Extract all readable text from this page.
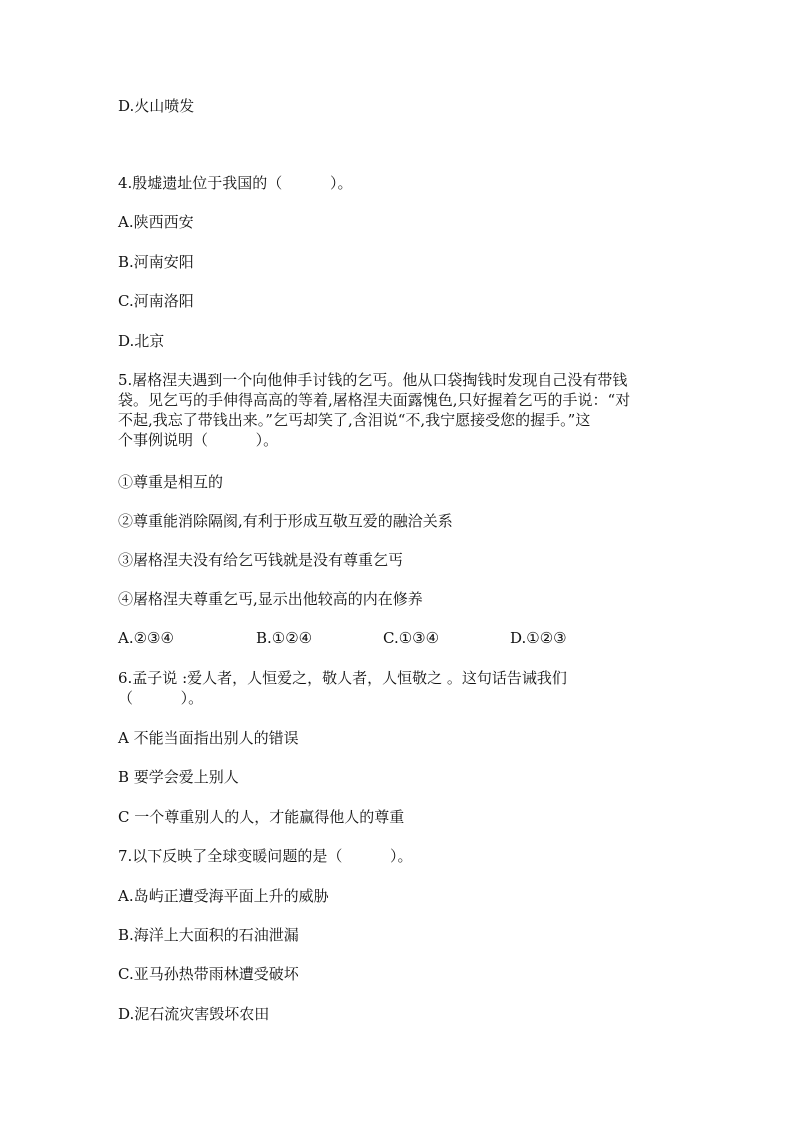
D.火山喷发

4.殷墟遗址位于我国的（          ）。

A.陕西西安

B.河南安阳

C.河南洛阳

D.北京

5.屠格涅夫遇到一个向他伸手讨钱的乞丐。他从口袋掏钱时发现自己没有带钱

袋。见乞丐的手伸得高高的等着,屠格涅夫面露愧色,只好握着乞丐的手说：“对

不起,我忘了带钱出来。”乞丐却笑了,含泪说“不,我宁愿接受您的握手。”这

个事例说明（          ）。

①尊重是相互的

②尊重能消除隔阂,有利于形成互敬互爱的融洽关系

③屠格涅夫没有给乞丐钱就是没有尊重乞丐

④屠格涅夫尊重乞丐,显示出他较高的内在修养

A.②③④	B.①②④	C.①③④	D.①②③

6.孟子说 :爱人者，人恒爱之，敬人者，人恒敬之 。这句话告诫我们

（          ）。

A 不能当面指出别人的错误

B 要学会爱上别人

C 一个尊重别人的人，才能赢得他人的尊重

7.以下反映了全球变暖问题的是（          ）。

A.岛屿正遭受海平面上升的威胁

B.海洋上大面积的石油泄漏

C.亚马孙热带雨林遭受破坏

D.泥石流灾害毁坏农田
